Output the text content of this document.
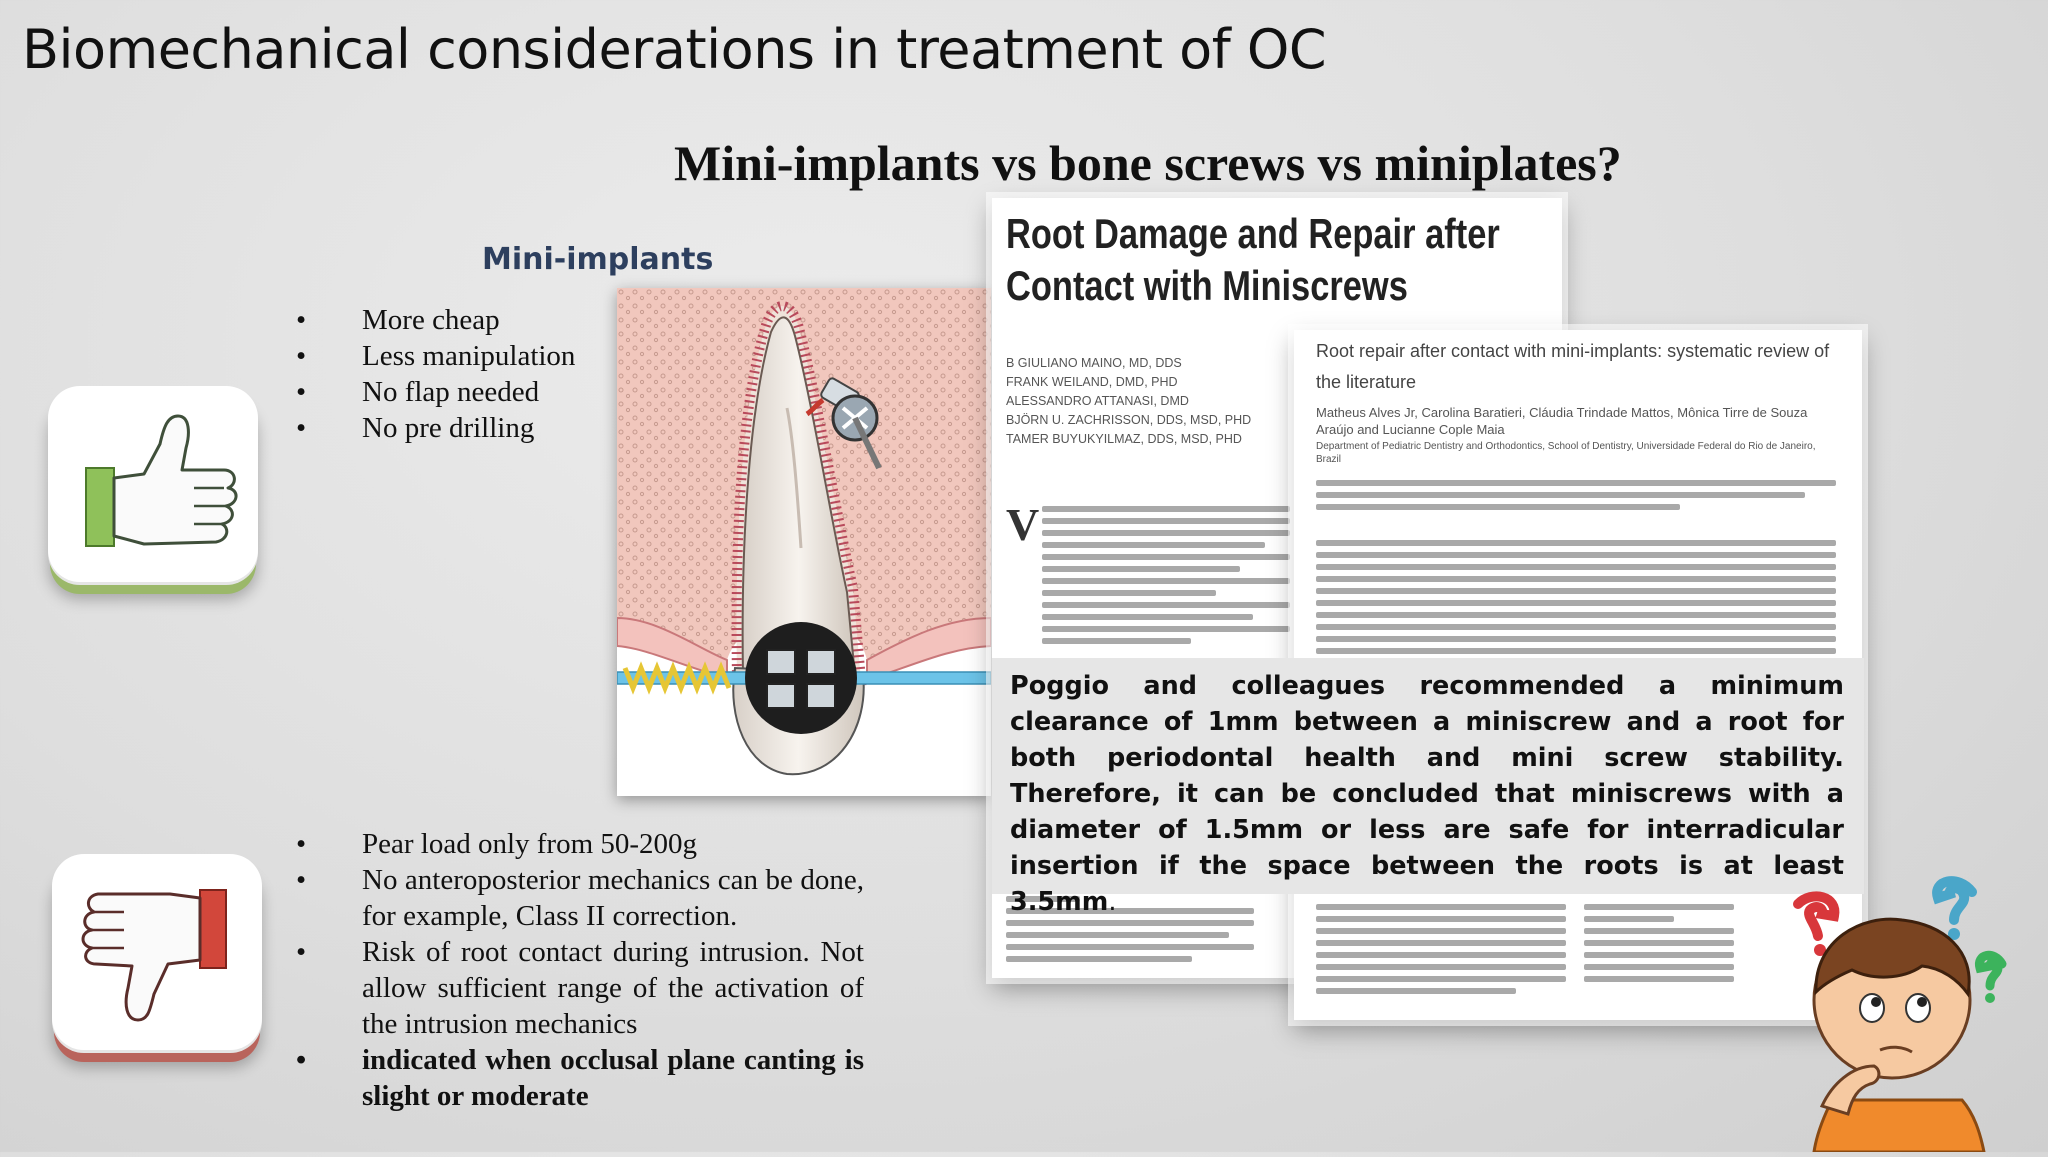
Biomechanical considerations in treatment of OC
Mini-implants vs bone screws vs miniplates?
Mini-implants
• More cheap
• Less manipulation
• No flap needed
• No pre drilling
• Pear load only from 50-200g
• No anteroposterior mechanics can be done, for example, Class II correction.
• Risk of root contact during intrusion. Not allow sufficient range of the activation of the intrusion mechanics
• indicated when occlusal plane canting is slight or moderate
Root Damage and Repair after
Contact with Miniscrews
B GIULIANO MAINO, MD, DDS
FRANK WEILAND, DMD, PHD
ALESSANDRO ATTANASI, DMD
BJÖRN U. ZACHRISSON, DDS, MSD, PHD
TAMER BUYUKYILMAZ, DDS, MSD, PHD
V
Root repair after contact with mini-implants: systematic review of the literature
Matheus Alves Jr, Carolina Baratieri, Cláudia Trindade Mattos, Mônica Tirre de Souza Araújo and Lucianne Cople Maia
Department of Pediatric Dentistry and Orthodontics, School of Dentistry, Universidade Federal do Rio de Janeiro, Brazil
Poggio and colleagues recommended a minimum clearance of 1mm between a miniscrew and a root for both periodontal health and mini screw stability. Therefore, it can be concluded that miniscrews with a diameter of 1.5mm or less are safe for interradicular insertion if the space between the roots is at least 3.5mm.
